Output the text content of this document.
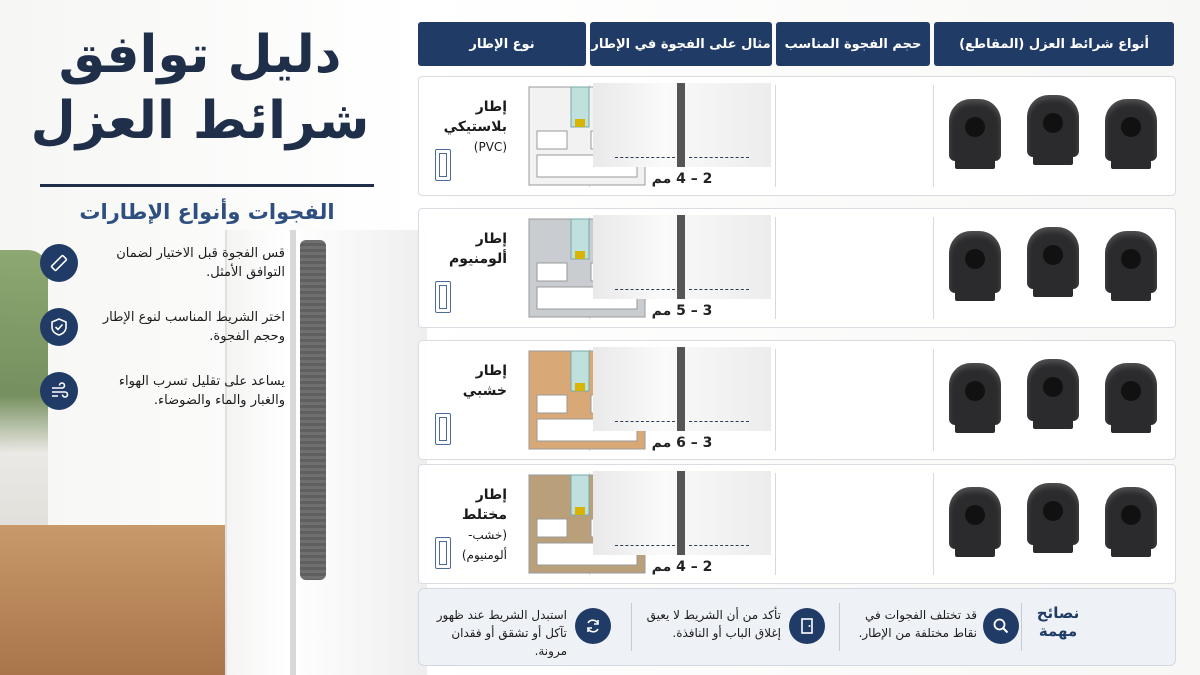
دليل توافق
شرائط العزل
الفجوات وأنواع الإطارات
قس الفجوة قبل الاختيار لضمان التوافق الأمثل.
اختر الشريط المناسب لنوع الإطار وحجم الفجوة.
يساعد على تقليل تسرب الهواء والغبار والماء والضوضاء.
أنواع شرائط العزل (المقاطع)
حجم الفجوة المناسب
مثال على الفجوة في الإطار
نوع الإطار
إطار بلاستيكي
(PVC)
2 – 4 مم
إطار ألومنيوم
3 – 5 مم
إطار خشبي
3 – 6 مم
إطار مختلط
(خشب-ألومنيوم)
2 – 4 مم
استبدل الشريط عند ظهور تآكل أو تشقق أو فقدان مرونة.
تأكد من أن الشريط لا يعيق إغلاق الباب أو النافذة.
قد تختلف الفجوات في نقاط مختلفة من الإطار.
نصائح مهمة
